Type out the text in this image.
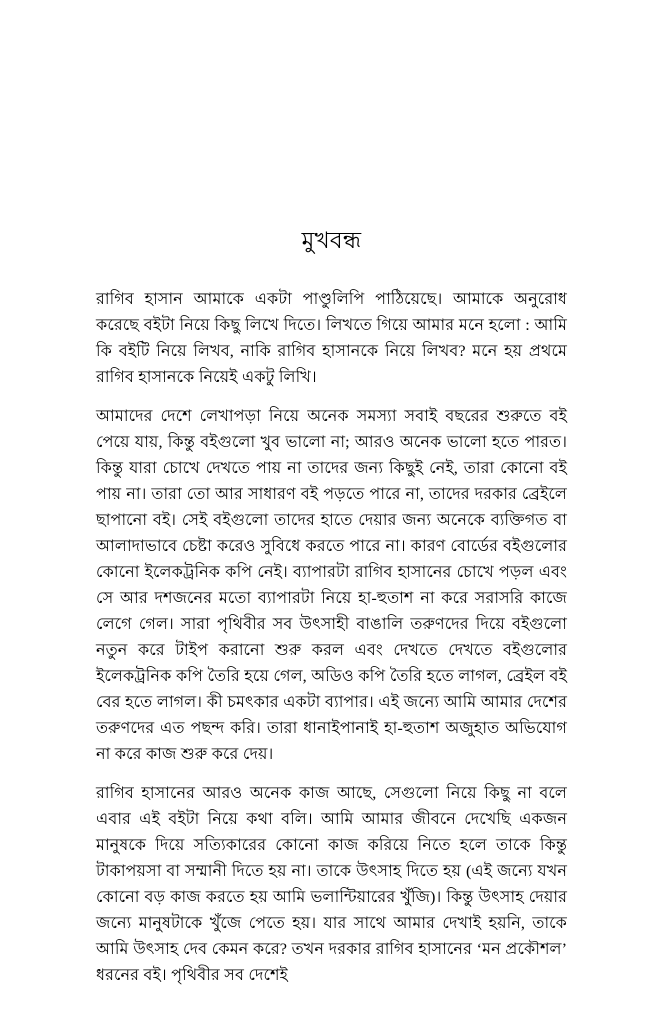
মুখবন্ধ

রাগিব হাসান আমাকে একটা পাণ্ডুলিপি পাঠিয়েছে। আমাকে অনুরোধ করেছে বইটা নিয়ে কিছু লিখে দিতে। লিখতে গিয়ে আমার মনে হলো : আমি কি বইটি নিয়ে লিখব, নাকি রাগিব হাসানকে নিয়ে লিখব? মনে হয় প্রথমে রাগিব হাসানকে নিয়েই একটু লিখি।

আমাদের দেশে লেখাপড়া নিয়ে অনেক সমস্যা সবাই বছরের শুরুতে বই পেয়ে যায়, কিন্তু বইগুলো খুব ভালো না; আরও অনেক ভালো হতে পারত। কিন্তু যারা চোখে দেখতে পায় না তাদের জন্য কিছুই নেই, তারা কোনো বই পায় না। তারা তো আর সাধারণ বই পড়তে পারে না, তাদের দরকার ব্রেইলে ছাপানো বই। সেই বইগুলো তাদের হাতে দেয়ার জন্য অনেকে ব্যক্তিগত বা আলাদাভাবে চেষ্টা করেও সুবিধে করতে পারে না। কারণ বোর্ডের বইগুলোর কোনো ইলেকট্রনিক কপি নেই। ব্যাপারটা রাগিব হাসানের চোখে পড়ল এবং সে আর দশজনের মতো ব্যাপারটা নিয়ে হা-হুতাশ না করে সরাসরি কাজে লেগে গেল। সারা পৃথিবীর সব উৎসাহী বাঙালি তরুণদের দিয়ে বইগুলো নতুন করে টাইপ করানো শুরু করল এবং দেখতে দেখতে বইগুলোর ইলেকট্রনিক কপি তৈরি হয়ে গেল, অডিও কপি তৈরি হতে লাগল, ব্রেইল বই বের হতে লাগল। কী চমৎকার একটা ব্যাপার। এই জন্যে আমি আমার দেশের তরুণদের এত পছন্দ করি। তারা ধানাইপানাই হা-হুতাশ অজুহাত অভিযোগ না করে কাজ শুরু করে দেয়।

রাগিব হাসানের আরও অনেক কাজ আছে, সেগুলো নিয়ে কিছু না বলে এবার এই বইটা নিয়ে কথা বলি। আমি আমার জীবনে দেখেছি একজন মানুষকে দিয়ে সত্যিকারের কোনো কাজ করিয়ে নিতে হলে তাকে কিন্তু টাকাপয়সা বা সম্মানী দিতে হয় না। তাকে উৎসাহ দিতে হয় (এই জন্যে যখন কোনো বড় কাজ করতে হয় আমি ভলান্টিয়ারের খুঁজি)। কিন্তু উৎসাহ দেয়ার জন্যে মানুষটাকে খুঁজে পেতে হয়। যার সাথে আমার দেখাই হয়নি, তাকে আমি উৎসাহ দেব কেমন করে? তখন দরকার রাগিব হাসানের ‘মন প্রকৌশল’ ধরনের বই। পৃথিবীর সব দেশেই
